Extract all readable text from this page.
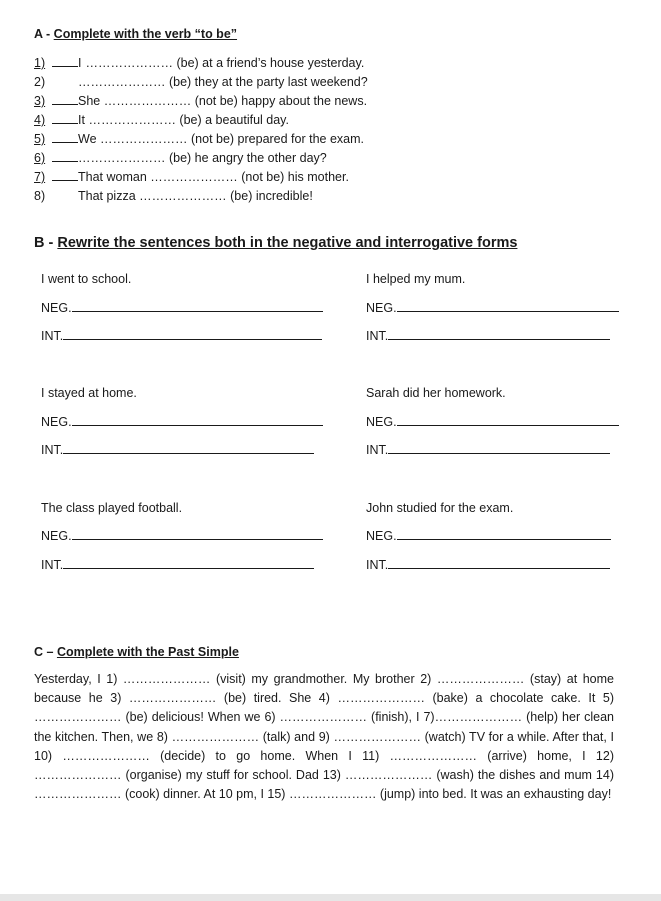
A - Complete with the verb “to be”
1)	I ………………… (be) at a friend’s house yesterday.
2)	………………… (be) they at the party last weekend?
3)	She ………………… (not be) happy about the news.
4)	It ………………… (be) a beautiful day.
5)	We ………………… (not be) prepared for the exam.
6)	………………… (be) he angry the other day?
7)	That woman ………………… (not be) his mother.
8)	That pizza ………………… (be) incredible!
B - Rewrite the sentences both in the negative and interrogative forms
I went to school.	I helped my mum.
NEG.	NEG.
INT.	INT.
I stayed at home.	Sarah did her homework.
NEG.	NEG.
INT.	INT.
The class played football.	John studied for the exam.
NEG.	NEG.
INT.	INT.
C – Complete with the Past Simple
Yesterday, I 1) ………………… (visit) my grandmother. My brother 2) ………………… (stay) at home because he 3) ………………… (be) tired. She 4) ………………… (bake) a chocolate cake. It 5) ………………… (be) delicious! When we 6) ………………… (finish), I 7)………………… (help) her clean the kitchen. Then, we 8) ………………… (talk) and 9) ………………… (watch) TV for a while. After that, I 10) ………………… (decide) to go home. When I 11) ………………… (arrive) home, I 12) ………………… (organise) my stuff for school. Dad 13) ………………… (wash) the dishes and mum 14) ………………… (cook) dinner. At 10 pm, I 15) ………………… (jump) into bed. It was an exhausting day!
